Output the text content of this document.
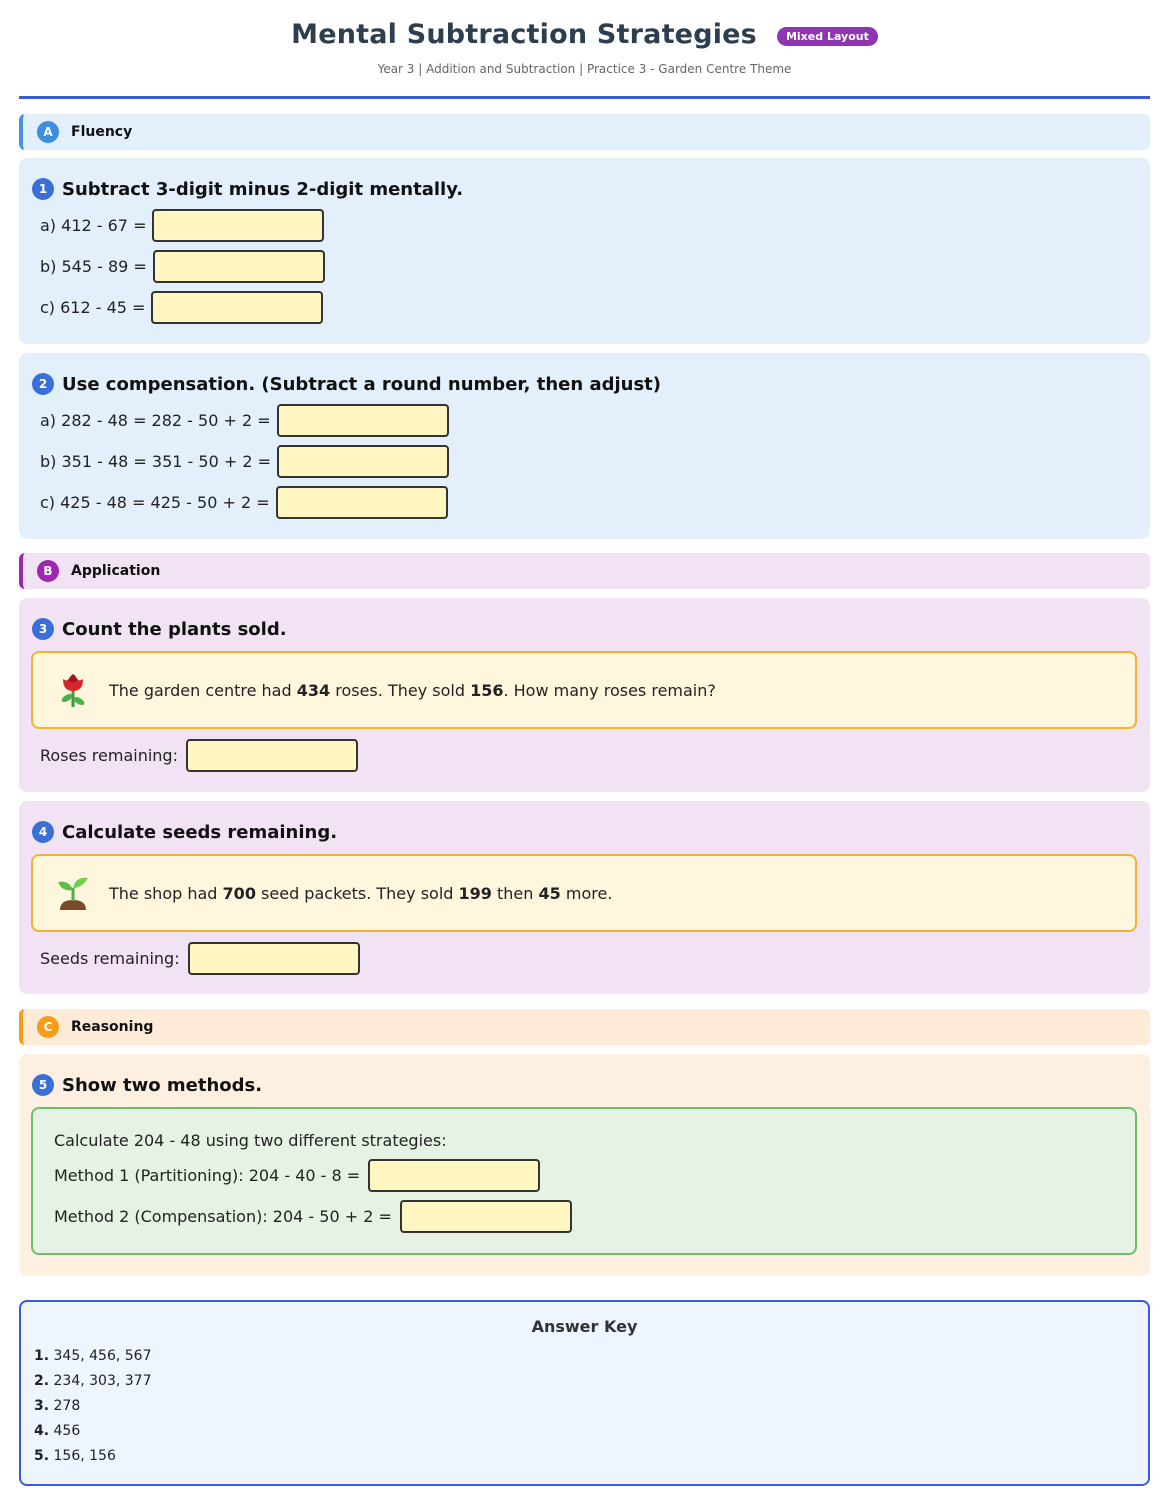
Mental Subtraction Strategies	Mixed Layout
Year 3 | Addition and Subtraction | Practice 3 - Garden Centre Theme
A	Fluency
1 Subtract 3-digit minus 2-digit mentally.
a) 412 - 67 =
b) 545 - 89 =
c) 612 - 45 =
2 Use compensation. (Subtract a round number, then adjust)
a) 282 - 48 = 282 - 50 + 2 =
b) 351 - 48 = 351 - 50 + 2 =
c) 425 - 48 = 425 - 50 + 2 =
B	Application
3 Count the plants sold.
The garden centre had 434 roses. They sold 156. How many roses remain?
Roses remaining:
4 Calculate seeds remaining.
The shop had 700 seed packets. They sold 199 then 45 more.
Seeds remaining:
C	Reasoning
5 Show two methods.
Calculate 204 - 48 using two different strategies:
Method 1 (Partitioning): 204 - 40 - 8 =
Method 2 (Compensation): 204 - 50 + 2 =
Answer Key
1. 345, 456, 567
2. 234, 303, 377
3. 278
4. 456
5. 156, 156
